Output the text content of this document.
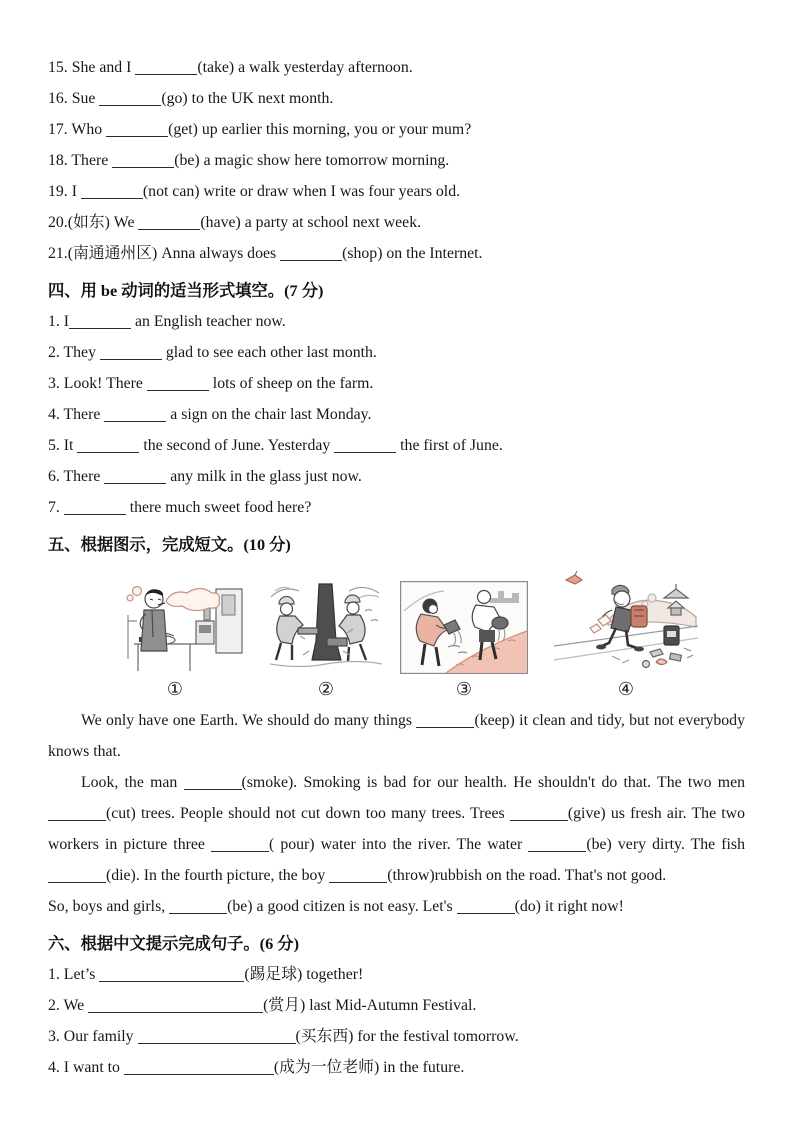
15. She and I	(take) a walk yesterday afternoon.
16. Sue	(go) to the UK next month.
17. Who	(get) up earlier this morning, you or your mum?
18. There	(be) a magic show here tomorrow morning.
19. I	(not can) write or draw when I was four years old.
20.(如东) We	(have) a party at school next week.
21.(南通通州区) Anna always does	(shop) on the Internet.
四、用 be 动词的适当形式填空。(7 分)
1. I	an English teacher now.
2. They	glad to see each other last month.
3. Look! There	lots of sheep on the farm.
4. There	a sign on the chair last Monday.
5. It	the second of June. Yesterday	the first of June.
6. There	any milk in the glass just now.
7.	there much sweet food here?
五、根据图示，完成短文。(10 分)
①	②	③	④

We only have one Earth. We should do many things	(keep) it clean and tidy, but not everybody knows that.

Look, the man	(smoke). Smoking is bad for our health. He shouldn't do that. The two men (cut) trees. People should not cut down too many trees. Trees	(give) us fresh air. The two workers in picture three	( pour) water into the river. The water	(be) very dirty. The fish (die). In the fourth picture, the boy	(throw)rubbish on the road. That's not good.

So, boys and girls,	(be) a good citizen is not easy. Let's	(do) it right now!

六、根据中文提示完成句子。(6 分)
1. Let’s	(踢足球) together!
2. We	(赏月) last Mid-Autumn Festival.
3. Our family	(买东西) for the festival tomorrow.
4. I want to	(成为一位老师) in the future.
